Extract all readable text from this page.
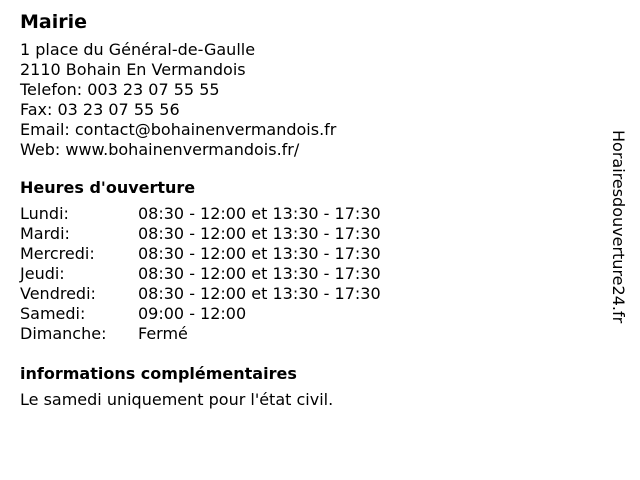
Mairie
1 place du Général-de-Gaulle
2110 Bohain En Vermandois
Telefon: 003 23 07 55 55
Fax: 03 23 07 55 56
Email: contact@bohainenvermandois.fr
Web: www.bohainenvermandois.fr/
Heures d'ouverture
Lundi:	08:30 - 12:00 et 13:30 - 17:30
Mardi:	08:30 - 12:00 et 13:30 - 17:30
Mercredi:	08:30 - 12:00 et 13:30 - 17:30
Jeudi:	08:30 - 12:00 et 13:30 - 17:30
Vendredi:	08:30 - 12:00 et 13:30 - 17:30
Samedi:	09:00 - 12:00
Dimanche:	Fermé
informations complémentaires
Le samedi uniquement pour l'état civil.
Horairesdouverture24.fr
